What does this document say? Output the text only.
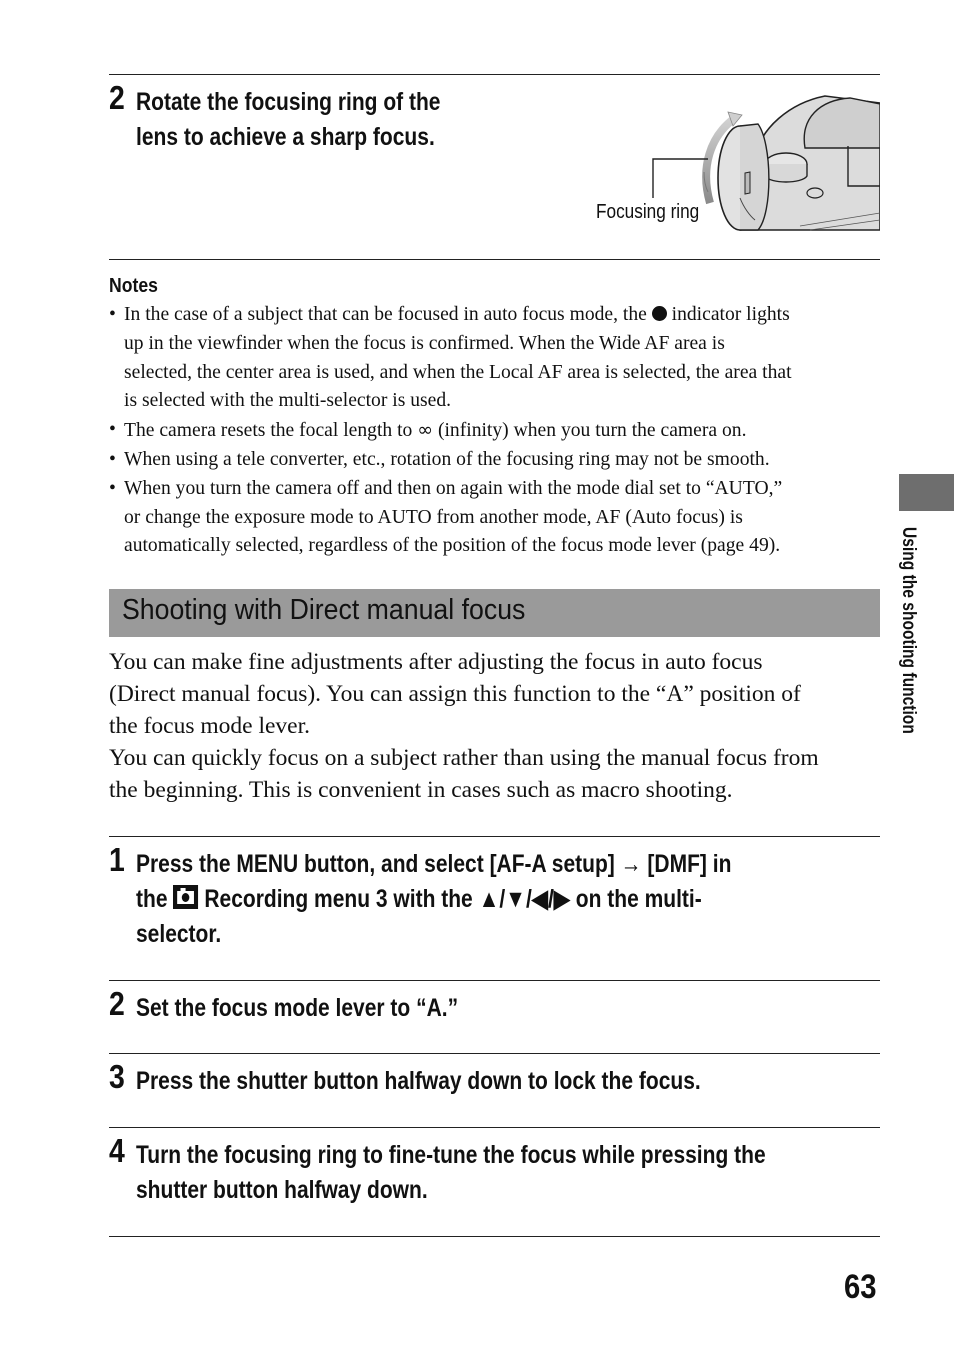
2 Rotate the focusing ring of the
lens to achieve a sharp focus.
Focusing ring
Notes
• In the case of a subject that can be focused in auto focus mode, the  indicator lights
up in the viewfinder when the focus is confirmed. When the Wide AF area is
selected, the center area is used, and when the Local AF area is selected, the area that
is selected with the multi-selector is used.
• The camera resets the focal length to ∞ (infinity) when you turn the camera on.
• When using a tele converter, etc., rotation of the focusing ring may not be smooth.
• When you turn the camera off and then on again with the mode dial set to “AUTO,”
or change the exposure mode to AUTO from another mode, AF (Auto focus) is
automatically selected, regardless of the position of the focus mode lever (page 49).
Shooting with Direct manual focus
You can make fine adjustments after adjusting the focus in auto focus
(Direct manual focus). You can assign this function to the “A” position of
the focus mode lever.
You can quickly focus on a subject rather than using the manual focus from
the beginning. This is convenient in cases such as macro shooting.
1 Press the MENU button, and select [AF-A setup] → [DMF] in
the  Recording menu 3 with the ▲/▼/◀/▶ on the multi-
selector.
2 Set the focus mode lever to “A.”
3 Press the shutter button halfway down to lock the focus.
4 Turn the focusing ring to fine-tune the focus while pressing the
shutter button halfway down.
Using the shooting function
63
